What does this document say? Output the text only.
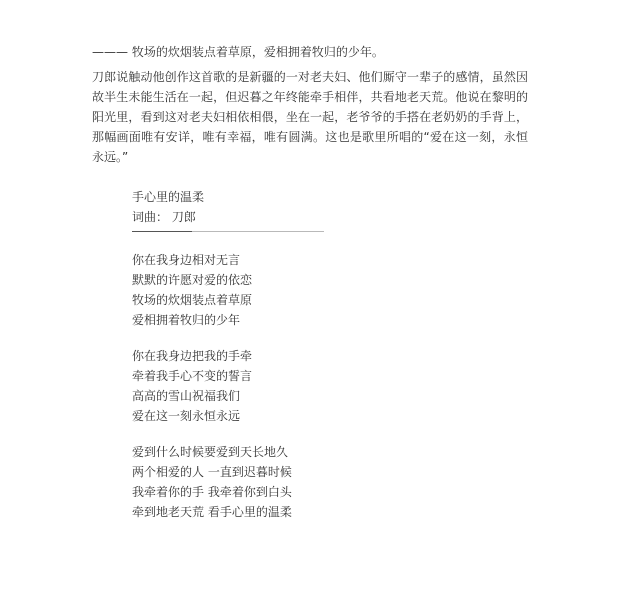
——— 牧场的炊烟装点着草原，爱相拥着牧归的少年。
刀郎说触动他创作这首歌的是新疆的一对老夫妇、他们厮守一辈子的感情，虽然因故半生未能生活在一起，但迟暮之年终能牵手相伴，共看地老天荒。他说在黎明的阳光里，看到这对老夫妇相依相偎，坐在一起，老爷爷的手搭在老奶奶的手背上，那幅画面唯有安详，唯有幸福，唯有圆满。这也是歌里所唱的“爱在这一刻，永恒永远。”
手心里的温柔
词曲： 刀郎
你在我身边相对无言
默默的许愿对爱的依恋
牧场的炊烟装点着草原
爱相拥着牧归的少年
你在我身边把我的手牵
牵着我手心不变的誓言
高高的雪山祝福我们
爱在这一刻永恒永远
爱到什么时候要爱到天长地久
两个相爱的人 一直到迟暮时候
我牵着你的手 我牵着你到白头
牵到地老天荒 看手心里的温柔
